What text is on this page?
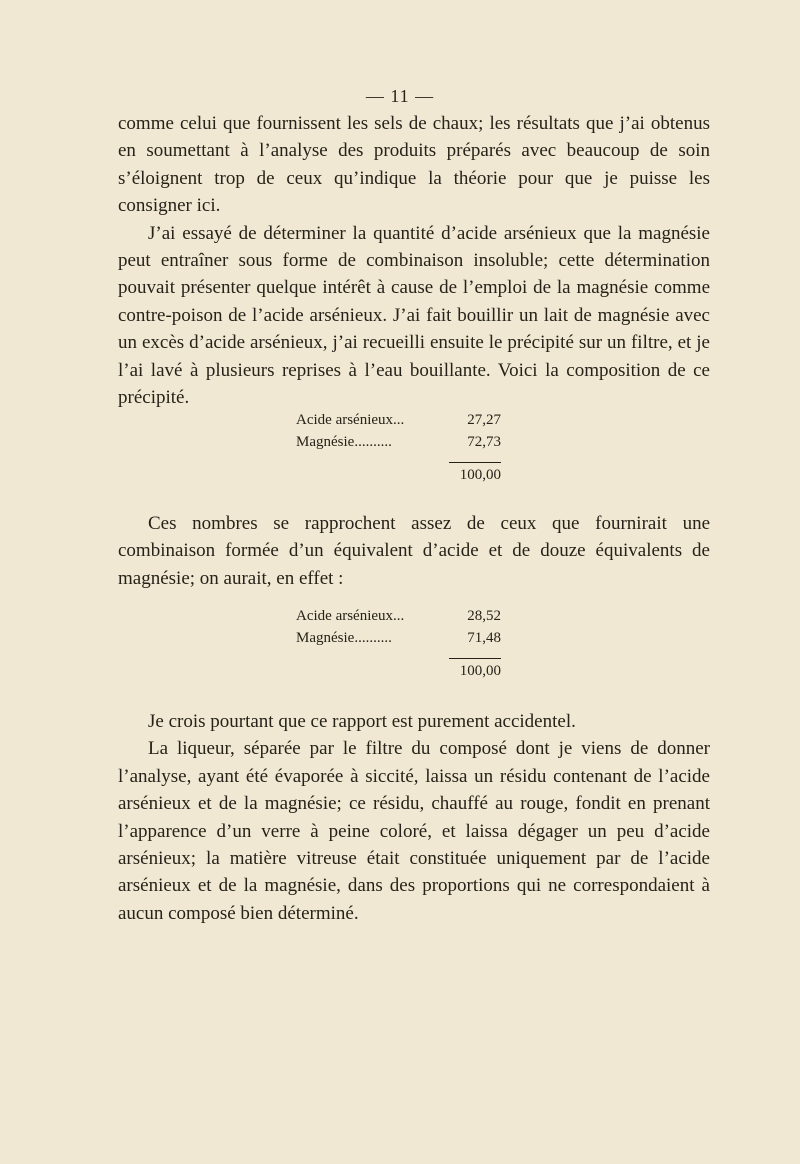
— 11 —

comme celui que fournissent les sels de chaux; les résultats que j’ai obtenus en soumettant à l’analyse des produits préparés avec beaucoup de soin s’éloignent trop de ceux qu’indique la théorie pour que je puisse les consigner ici.

J’ai essayé de déterminer la quantité d’acide arsénieux que la magnésie peut entraîner sous forme de combinaison insoluble; cette détermination pouvait présenter quelque intérêt à cause de l’emploi de la magnésie comme contre-poison de l’acide arsénieux. J’ai fait bouillir un lait de magnésie avec un excès d’acide arsénieux, j’ai recueilli ensuite le précipité sur un filtre, et je l’ai lavé à plusieurs reprises à l’eau bouillante. Voici la composition de ce précipité.

Acide arsénieux...	27,27
Magnésie..........	72,73
100,00

Ces nombres se rapprochent assez de ceux que fournirait une combinaison formée d’un équivalent d’acide et de douze équivalents de magnésie; on aurait, en effet :

Acide arsénieux...	28,52
Magnésie..........	71,48
100,00

Je crois pourtant que ce rapport est purement accidentel.

La liqueur, séparée par le filtre du composé dont je viens de donner l’analyse, ayant été évaporée à siccité, laissa un résidu contenant de l’acide arsénieux et de la magnésie; ce résidu, chauffé au rouge, fondit en prenant l’apparence d’un verre à peine coloré, et laissa dégager un peu d’acide arsénieux; la matière vitreuse était constituée uniquement par de l’acide arsénieux et de la magnésie, dans des proportions qui ne correspondaient à aucun composé bien déterminé.
